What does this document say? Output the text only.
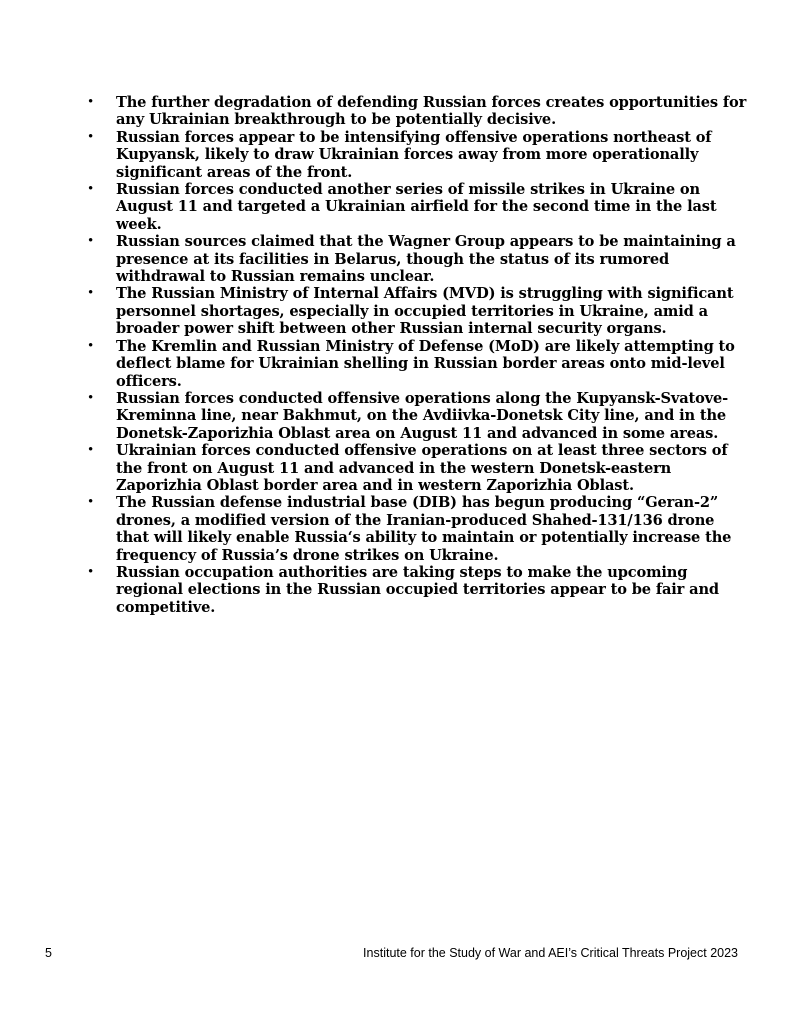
•	The further degradation of defending Russian forces creates opportunities for any Ukrainian breakthrough to be potentially decisive.
•	Russian forces appear to be intensifying offensive operations northeast of Kupyansk, likely to draw Ukrainian forces away from more operationally significant areas of the front.
•	Russian forces conducted another series of missile strikes in Ukraine on August 11 and targeted a Ukrainian airfield for the second time in the last week.
•	Russian sources claimed that the Wagner Group appears to be maintaining a presence at its facilities in Belarus, though the status of its rumored withdrawal to Russian remains unclear.
•	The Russian Ministry of Internal Affairs (MVD) is struggling with significant personnel shortages, especially in occupied territories in Ukraine, amid a broader power shift between other Russian internal security organs.
•	The Kremlin and Russian Ministry of Defense (MoD) are likely attempting to deflect blame for Ukrainian shelling in Russian border areas onto mid-level officers.
•	Russian forces conducted offensive operations along the Kupyansk-Svatove-Kreminna line, near Bakhmut, on the Avdiivka-Donetsk City line, and in the Donetsk-Zaporizhia Oblast area on August 11 and advanced in some areas.
•	Ukrainian forces conducted offensive operations on at least three sectors of the front on August 11 and advanced in the western Donetsk-eastern Zaporizhia Oblast border area and in western Zaporizhia Oblast.
•	The Russian defense industrial base (DIB) has begun producing “Geran-2” drones, a modified version of the Iranian-produced Shahed-131/136 drone that will likely enable Russia‘s ability to maintain or potentially increase the frequency of Russia’s drone strikes on Ukraine.
•	Russian occupation authorities are taking steps to make the upcoming regional elections in the Russian occupied territories appear to be fair and competitive.
5	Institute for the Study of War and AEI’s Critical Threats Project 2023
